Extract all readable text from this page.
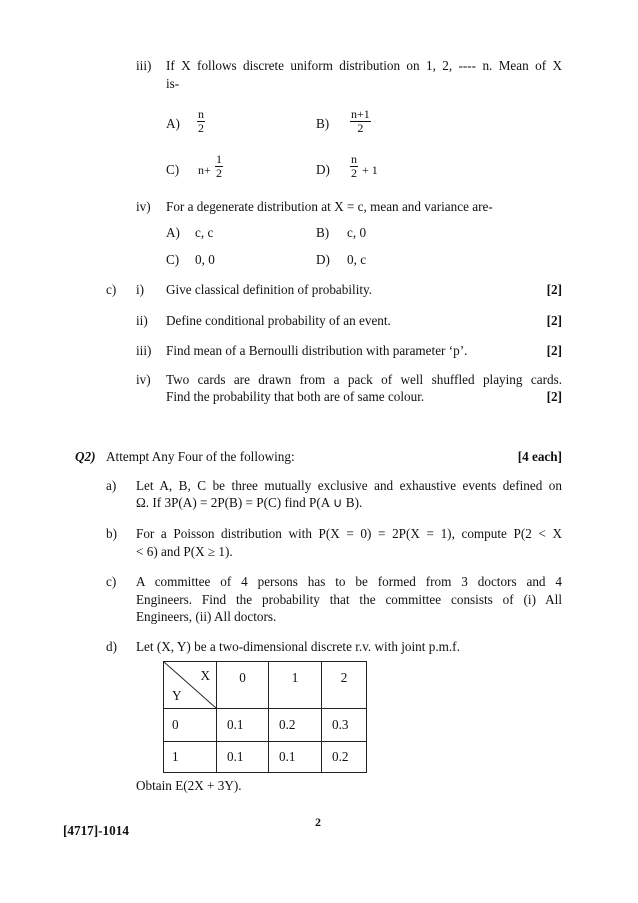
iii) If X follows discrete uniform distribution on 1, 2, ---- n. Mean of X
is-
$A) \frac{n}{2}$	$B) \frac{n+1}{2}$
C) $n+ \frac{1}{2}$	$D) \frac{n}{2} + 1$
iv) For a degenerate distribution at X = c, mean and variance are-
A) c, c	B) c, 0
C) 0, 0	D) 0, c
c) i) Give classical definition of probability.	[2]
ii) Define conditional probability of an event.	[2]
iii) Find mean of a Bernoulli distribution with parameter ‘p’.	[2]
iv) Two cards are drawn from a pack of well shuffled playing cards.
Find the probability that both are of same colour.	[2]
Q2) Attempt Any Four of the following:	[4 each]
a) Let A, B, C be three mutually exclusive and exhaustive events defined on
Ω. If 3P(A) = 2P(B) = P(C) find P(A ∪ B).
b) For a Poisson distribution with P(X = 0) = 2P(X = 1), compute P(2 < X
< 6) and P(X ≥ 1).
c) A committee of 4 persons has to be formed from 3 doctors and 4
Engineers. Find the probability that the committee consists of (i) All
Engineers, (ii) All doctors.
d) Let (X, Y) be a two-dimensional discrete r.v. with joint p.m.f.
X
Y	0	1	2
0	0.1	0.2	0.3
1	0.1	0.1	0.2
Obtain E(2X + 3Y).
[4717]-1014
2
